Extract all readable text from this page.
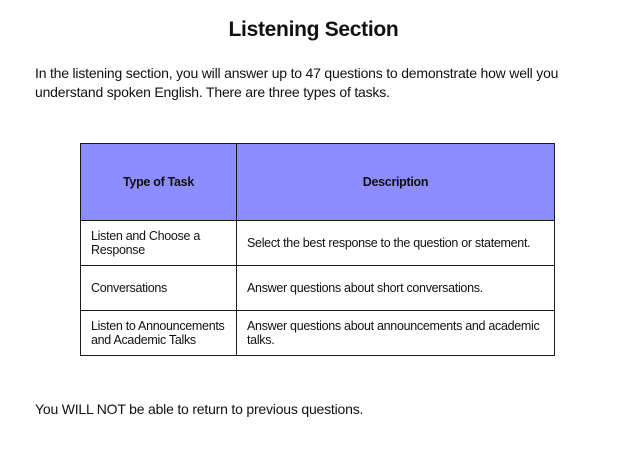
Listening Section

In the listening section, you will answer up to 47 questions to demonstrate how well you understand spoken English. There are three types of tasks.

Type of Task	Description
Listen and Choose a Response	Select the best response to the question or statement.
Conversations	Answer questions about short conversations.
Listen to Announcements and Academic Talks	Answer questions about announcements and academic talks.

You WILL NOT be able to return to previous questions.
